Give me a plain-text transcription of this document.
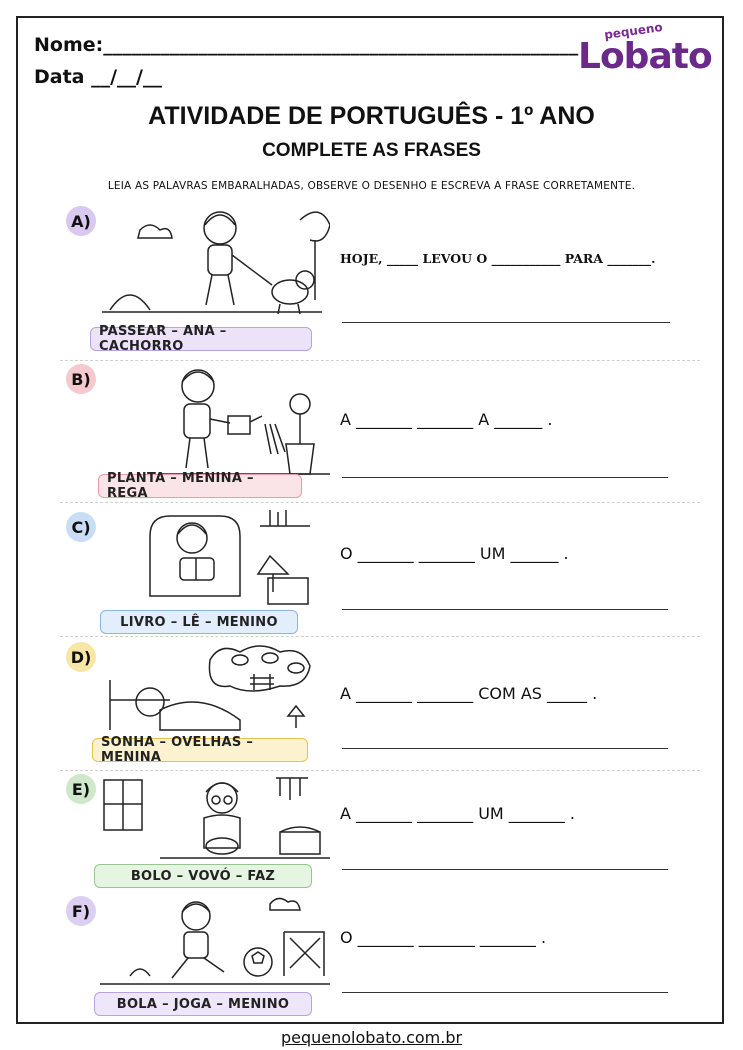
Nome:__________________________________________________
Data __/__/__
pequeno
Lobato
ATIVIDADE DE PORTUGUÊS - 1º ANO
COMPLETE AS FRASES
LEIA AS PALAVRAS EMBARALHADAS, OBSERVE O DESENHO E ESCREVA A FRASE CORRETAMENTE.
A)
PASSEAR – ANA – CACHORRO
HOJE, _____ LEVOU O ___________ PARA _______.
B)
PLANTA – MENINA – REGA
A _______ _______ A ______ .
C)
LIVRO – LÊ – MENINO
O _______ _______ UM ______ .
D)
SONHA – OVELHAS – MENINA
A _______ _______ COM AS _____ .
E)
BOLO – VOVÓ – FAZ
A _______ _______ UM _______ .
F)
BOLA – JOGA – MENINO
O _______ _______ _______ .
pequenolobato.com.br
